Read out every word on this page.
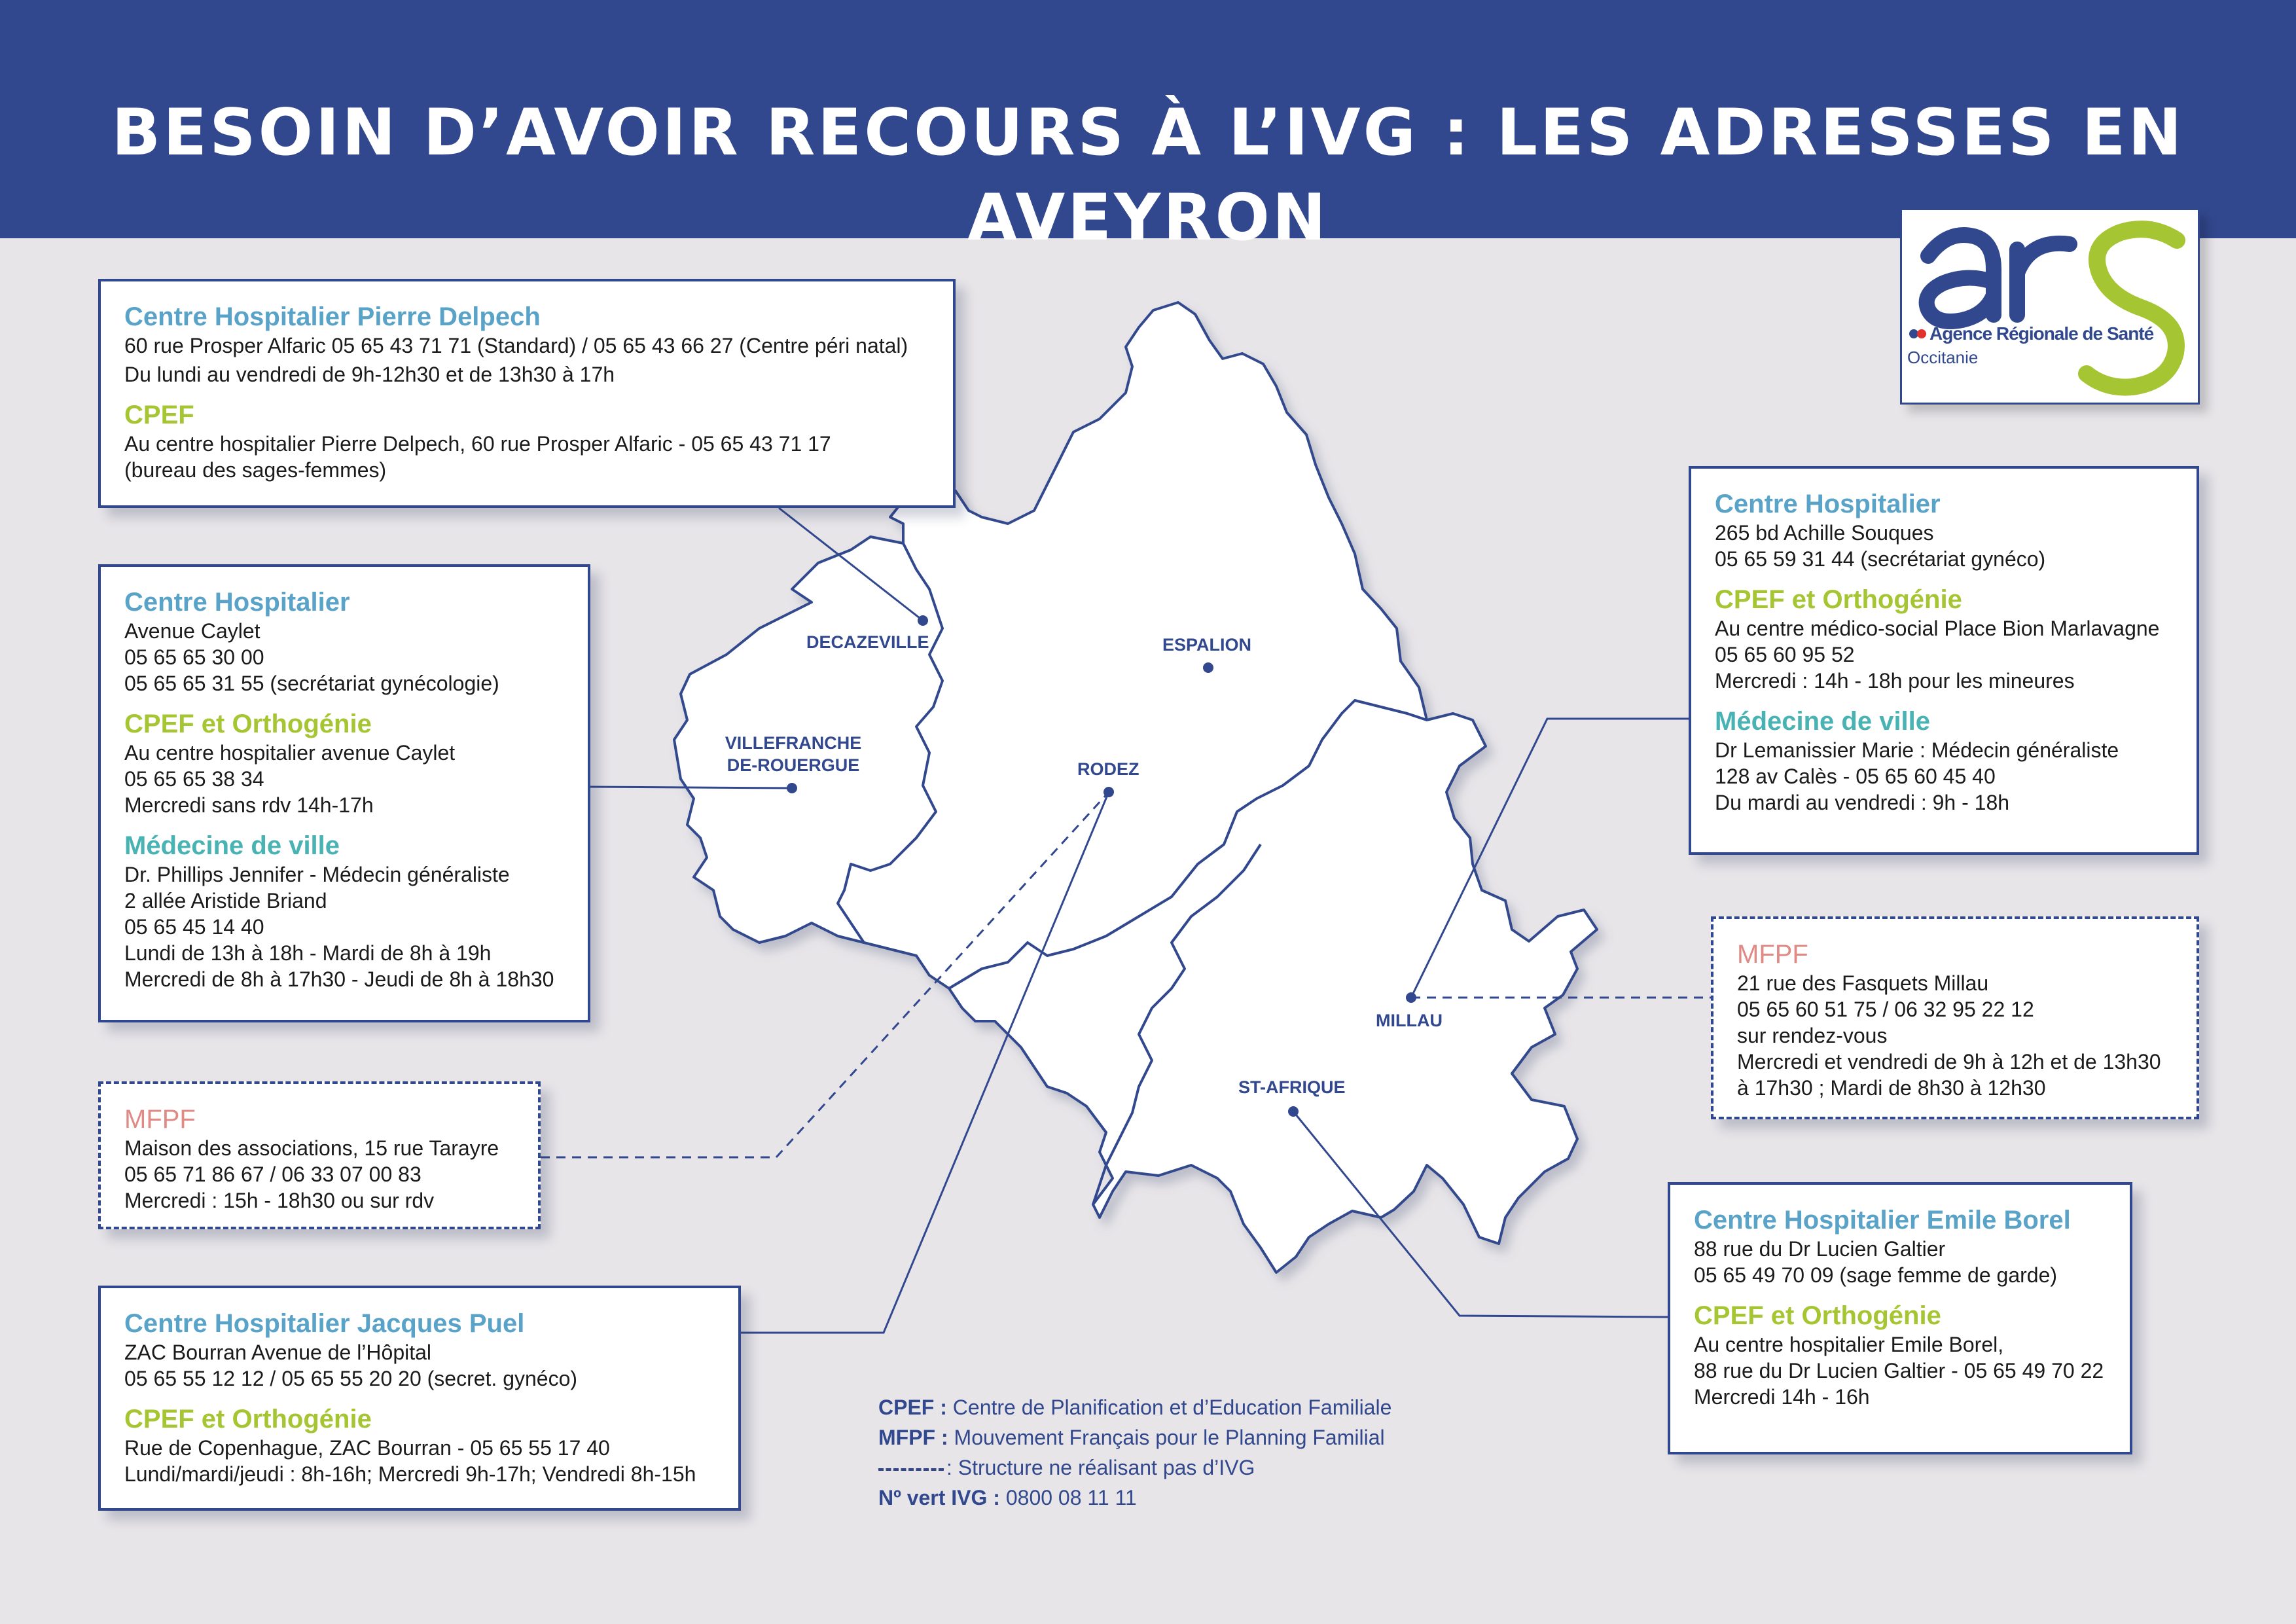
BESOIN D’AVOIR RECOURS À L’IVG : LES ADRESSES EN AVEYRON
DECAZEVILLE	ESPALION
VILLEFRANCHE
DE-ROUERGUE	RODEZ
MILLAU
ST-AFRIQUE
Agence Régionale de Santé
Occitanie
Centre Hospitalier Pierre Delpech
60 rue Prosper Alfaric 05 65 43 71 71 (Standard) / 05 65 43 66 27 (Centre péri natal)
Du lundi au vendredi de 9h-12h30 et de 13h30 à 17h
CPEF
Au centre hospitalier Pierre Delpech, 60 rue Prosper Alfaric - 05 65 43 71 17
(bureau des sages-femmes)
Centre Hospitalier
Avenue Caylet
05 65 65 30 00
05 65 65 31 55 (secrétariat gynécologie)
CPEF et Orthogénie
Au centre hospitalier avenue Caylet
05 65 65 38 34
Mercredi sans rdv 14h-17h
Médecine de ville
Dr. Phillips Jennifer - Médecin généraliste
2 allée Aristide Briand
05 65 45 14 40
Lundi de 13h à 18h - Mardi de 8h à 19h
Mercredi de 8h à 17h30 - Jeudi de 8h à 18h30
MFPF
Maison des associations, 15 rue Tarayre
05 65 71 86 67 / 06 33 07 00 83
Mercredi : 15h - 18h30 ou sur rdv
Centre Hospitalier Jacques Puel
ZAC Bourran Avenue de l’Hôpital
05 65 55 12 12 / 05 65 55 20 20 (secret. gynéco)
CPEF et Orthogénie
Rue de Copenhague, ZAC Bourran - 05 65 55 17 40
Lundi/mardi/jeudi : 8h-16h; Mercredi 9h-17h; Vendredi 8h-15h
Centre Hospitalier
265 bd Achille Souques
05 65 59 31 44 (secrétariat gynéco)
CPEF et Orthogénie
Au centre médico-social Place Bion Marlavagne
05 65 60 95 52
Mercredi : 14h - 18h pour les mineures
Médecine de ville
Dr Lemanissier Marie : Médecin généraliste
128 av Calès - 05 65 60 45 40
Du mardi au vendredi : 9h - 18h
MFPF
21 rue des Fasquets Millau
05 65 60 51 75 / 06 32 95 22 12
sur rendez-vous
Mercredi et vendredi de 9h à 12h et de 13h30
à 17h30 ; Mardi de 8h30 à 12h30
Centre Hospitalier Emile Borel
88 rue du Dr Lucien Galtier
05 65 49 70 09 (sage femme de garde)
CPEF et Orthogénie
Au centre hospitalier Emile Borel,
88 rue du Dr Lucien Galtier - 05 65 49 70 22
Mercredi 14h - 16h
CPEF : Centre de Planification et d’Education Familiale
MFPF : Mouvement Français pour le Planning Familial
: Structure ne réalisant pas d’IVG
Nº vert IVG : 0800 08 11 11
